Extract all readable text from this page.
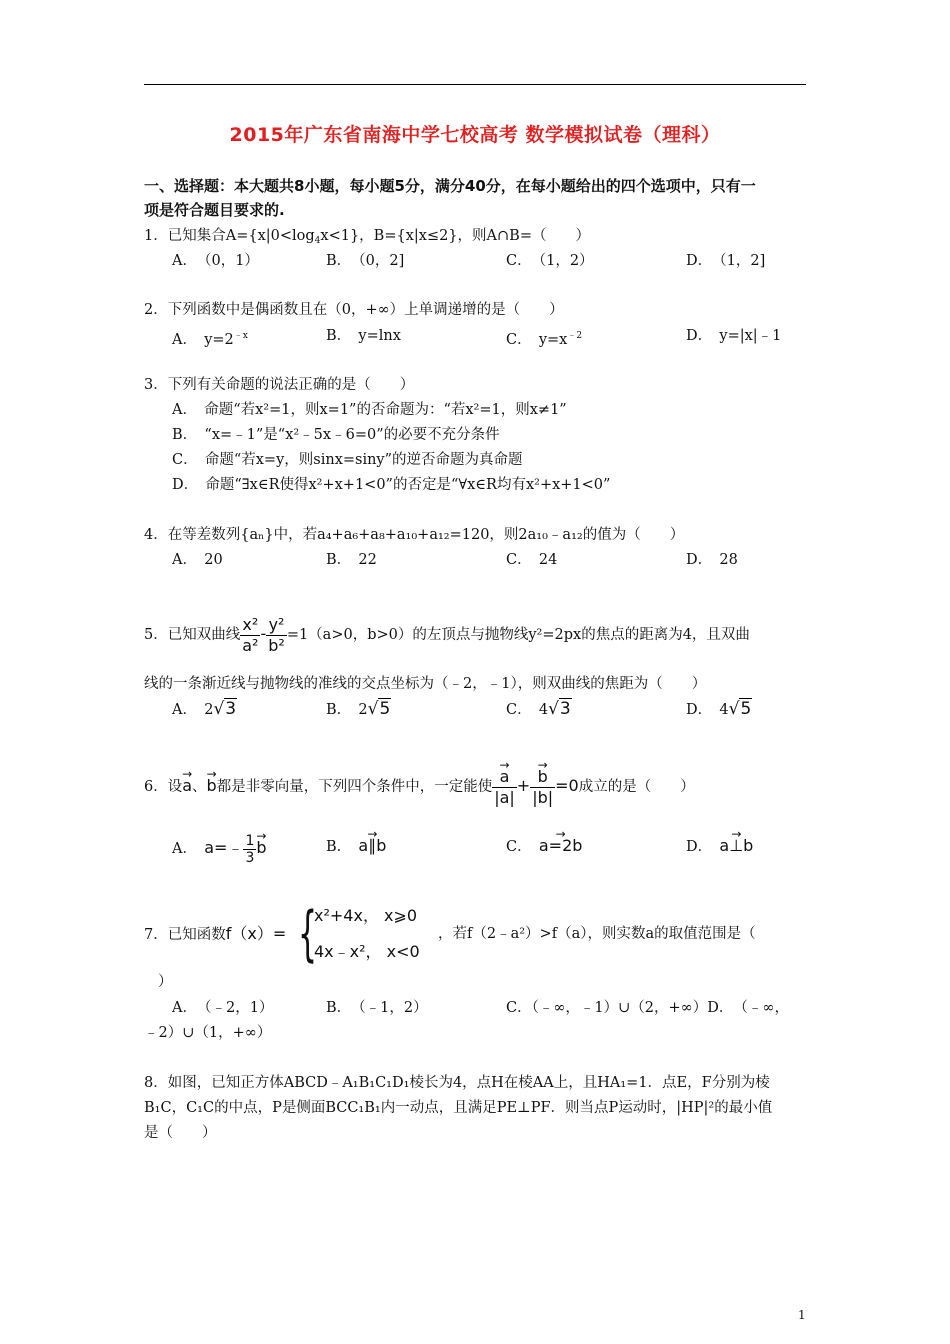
2015年广东省南海中学七校高考 数学模拟试卷（理科）
一、选择题：本大题共8小题，每小题5分，满分40分，在每小题给出的四个选项中，只有一
项是符合题目要求的.
1．已知集合$A=\{x|0<\log_4x<1\}$，B={x|x≤2}，则A∩B=（　　）
A．　（0，1）	B．　（0，2]	C．　（1，2）	D．　（1，2]
2．下列函数中是偶函数且在（0，+∞）上单调递增的是（　　）
A．　$y=2^{﹣x}$	B．　y=lnx	C．　$y=x^{﹣2}$	D．　y=|x|﹣1
3．下列有关命题的说法正确的是（　　）
A．　命题“若x²=1，则x=1”的否命题为：“若x²=1，则x≠1”
B．　“x=﹣1”是“x²﹣5x﹣6=0”的必要不充分条件
C．　命题“若x=y，则sinx=siny”的逆否命题为真命题
D．　命题“∃x∈R使得x²+x+1<0”的否定是“∀x∈R均有x²+x+1<0”
4．在等差数列{aₙ}中，若a₄+a₆+a₈+a₁₀+a₁₂=120，则2a₁₀﹣a₁₂的值为（　　）
A．　20	B．　22	C．　24	D．　28
5．已知双曲线 $\frac{\text{x²}}{\text{a²}} - \frac{\text{y²}}{\text{b²}} =1(a>0$，b>0）的左顶点与抛物线y²=2px的焦点的距离为4，且双曲
线的一条渐近线与抛物线的准线的交点坐标为（﹣2，﹣1），则双曲线的焦距为（　　）
A．　2√3	B．　2√5	C．　4√3	D．　4√5
6．设→ a、→ b都是非零向量，下列四个条件中，一定能使
→ $\frac{a}{|a|}$ +
→ $\frac{b}{|b|} =0$成立的是（　　）
A．　 a=﹣ $\frac{1}{3}$
→ b	B．　→ a∥b	C．　→ a=2b	D．　→ a⊥b
7．已知函数f（x）= {
x²+4x， x⩾0
4x﹣x²， x<0
，若f（2﹣a²）>f（a），则实数a的取值范围是（
）
A．　（﹣2，1）	B．　（﹣1，2）	C．（﹣∞，﹣1）∪（2，+∞）D．　（﹣∞，
﹣2）∪（1，+∞）
8．如图，已知正方体ABCD﹣A₁B₁C₁D₁棱长为4，点H在棱AA上，且HA₁=1．点E，F分别为棱
B₁C，C₁C的中点，P是侧面BCC₁B₁内一动点，且满足PE⊥PF．则当点P运动时，|HP|²的最小值
是（　　）
1
